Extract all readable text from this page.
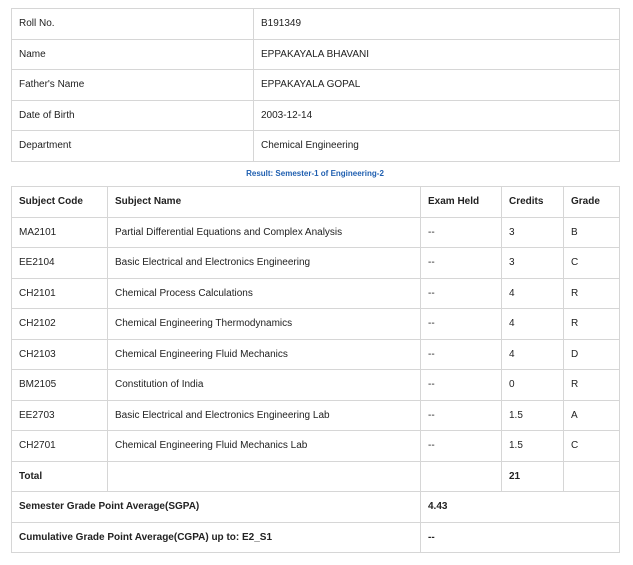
Roll No.	B191349
Name	EPPAKAYALA BHAVANI
Father's Name	EPPAKAYALA GOPAL
Date of Birth	2003-12-14
Department	Chemical Engineering
Result: Semester-1 of Engineering-2
Subject Code	Subject Name	Exam Held	Credits	Grade
MA2101	Partial Differential Equations and Complex Analysis	--	3	B
EE2104	Basic Electrical and Electronics Engineering	--	3	C
CH2101	Chemical Process Calculations	--	4	R
CH2102	Chemical Engineering Thermodynamics	--	4	R
CH2103	Chemical Engineering Fluid Mechanics	--	4	D
BM2105	Constitution of India	--	0	R
EE2703	Basic Electrical and Electronics Engineering Lab	--	1.5	A
CH2701	Chemical Engineering Fluid Mechanics Lab	--	1.5	C
Total			21	
Semester Grade Point Average(SGPA)		4.43		
Cumulative Grade Point Average(CGPA) up to: E2_S1		--		
